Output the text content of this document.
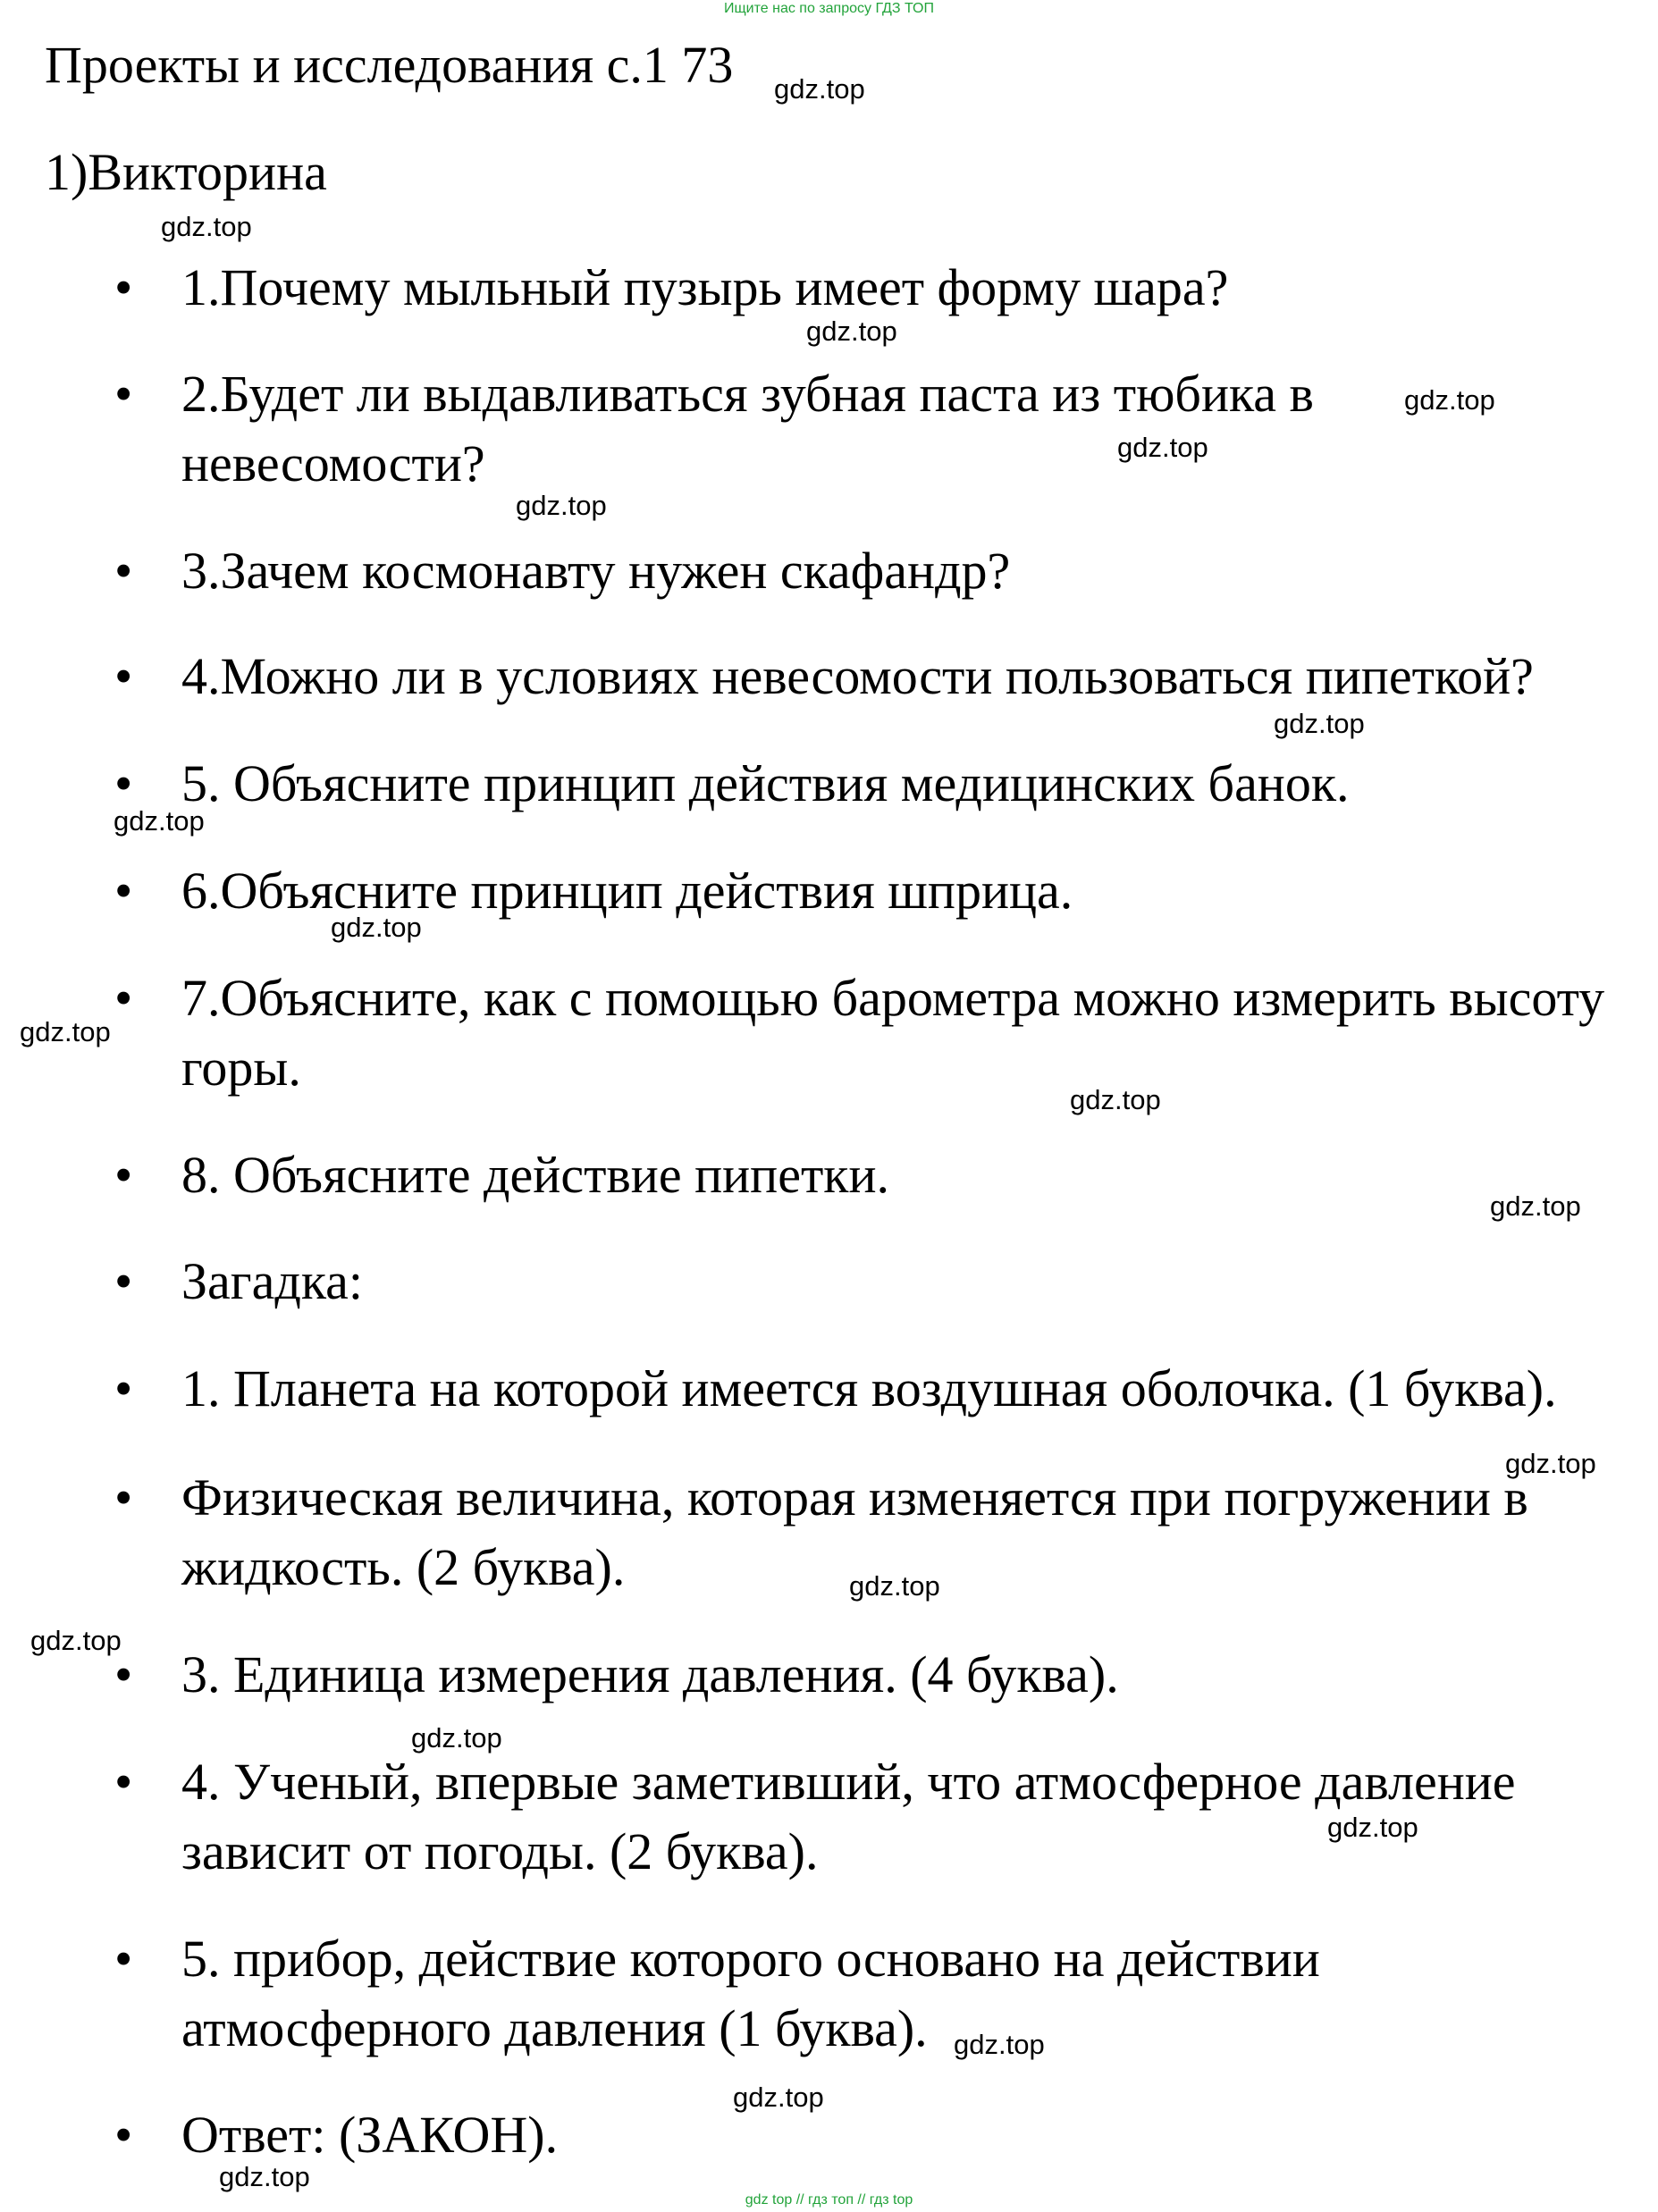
Ищите нас по запросу ГДЗ ТОП
Проекты и исследования с.1 73
1)Викторина
• 1.Почему мыльный пузырь имеет форму шара?
• 2.Будет ли выдавливаться зубная паста из тюбика в
невесомости?
• 3.Зачем космонавту нужен скафандр?
• 4.Можно ли в условиях невесомости пользоваться пипеткой?
• 5. Объясните принцип действия медицинских банок.
• 6.Объясните принцип действия шприца.
• 7.Объясните, как с помощью барометра можно измерить высоту
горы.
• 8. Объясните действие пипетки.
• Загадка:
• 1. Планета на которой имеется воздушная оболочка. (1 буква).
• Физическая величина, которая изменяется при погружении в
жидкость. (2 буква).
• 3. Единица измерения давления. (4 буква).
• 4. Ученый, впервые заметивший, что атмосферное давление
зависит от погоды. (2 буква).
• 5. прибор, действие которого основано на действии
атмосферного давления (1 буква).
• Ответ: (ЗАКОН).
gdz.top
gdz.top
gdz.top
gdz.top
gdz.top
gdz.top
gdz.top
gdz.top
gdz.top
gdz.top
gdz.top
gdz.top
gdz.top
gdz.top
gdz.top
gdz.top
gdz.top
gdz.top
gdz.top
gdz.top
gdz top // гдз топ // гдз top
